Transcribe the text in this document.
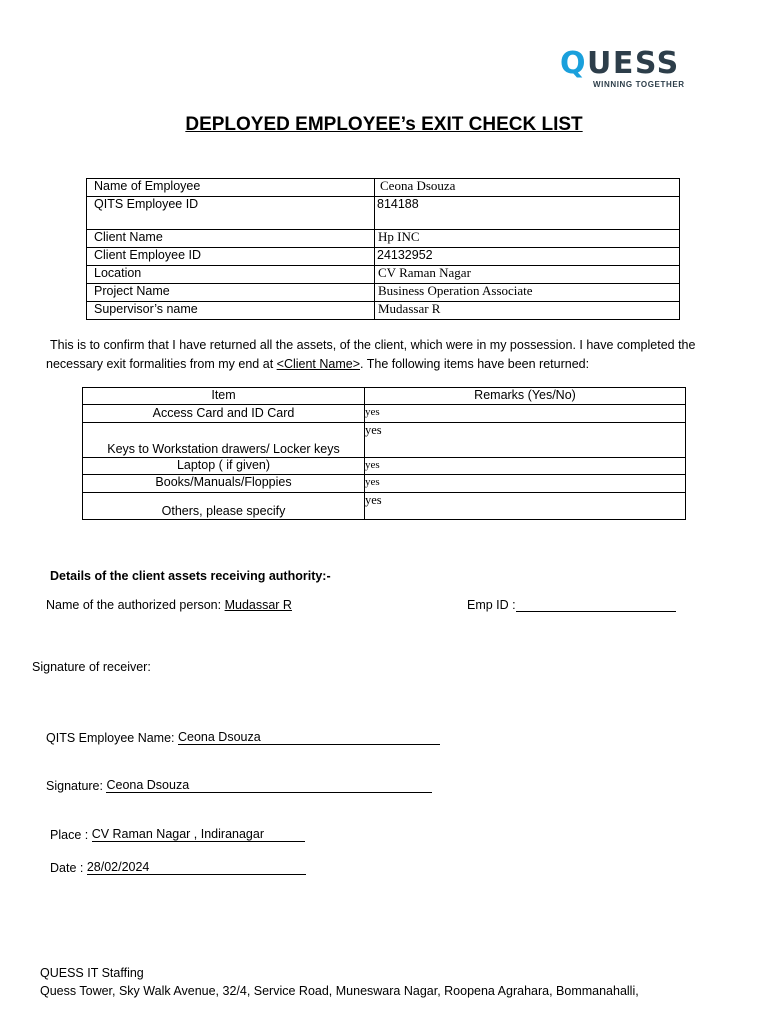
QUESS
WINNING TOGETHER
DEPLOYED EMPLOYEE’s EXIT CHECK LIST
Name of Employee	Ceona Dsouza
QITS Employee ID	814188
Client Name	Hp INC
Client Employee ID	24132952
Location	CV Raman Nagar
Project Name	Business Operation Associate
Supervisor’s name	Mudassar R
This is to confirm that I have returned all the assets, of the client, which were in my possession. I have completed the necessary exit formalities from my end at <Client Name>. The following items have been returned:
Item	Remarks (Yes/No)
Access Card and ID Card	yes
Keys to Workstation drawers/ Locker keys	yes
Laptop ( if given)	yes
Books/Manuals/Floppies	yes
Others, please specify	yes
Details of the client assets receiving authority:-
Name of the authorized person: Mudassar R	Emp ID :
Signature of receiver:
QITS Employee Name: Ceona Dsouza
Signature: Ceona Dsouza
Place : CV Raman Nagar , Indiranagar
Date : 28/02/2024
QUESS IT Staffing
Quess Tower, Sky Walk Avenue, 32/4, Service Road, Muneswara Nagar, Roopena Agrahara, Bommanahalli,
